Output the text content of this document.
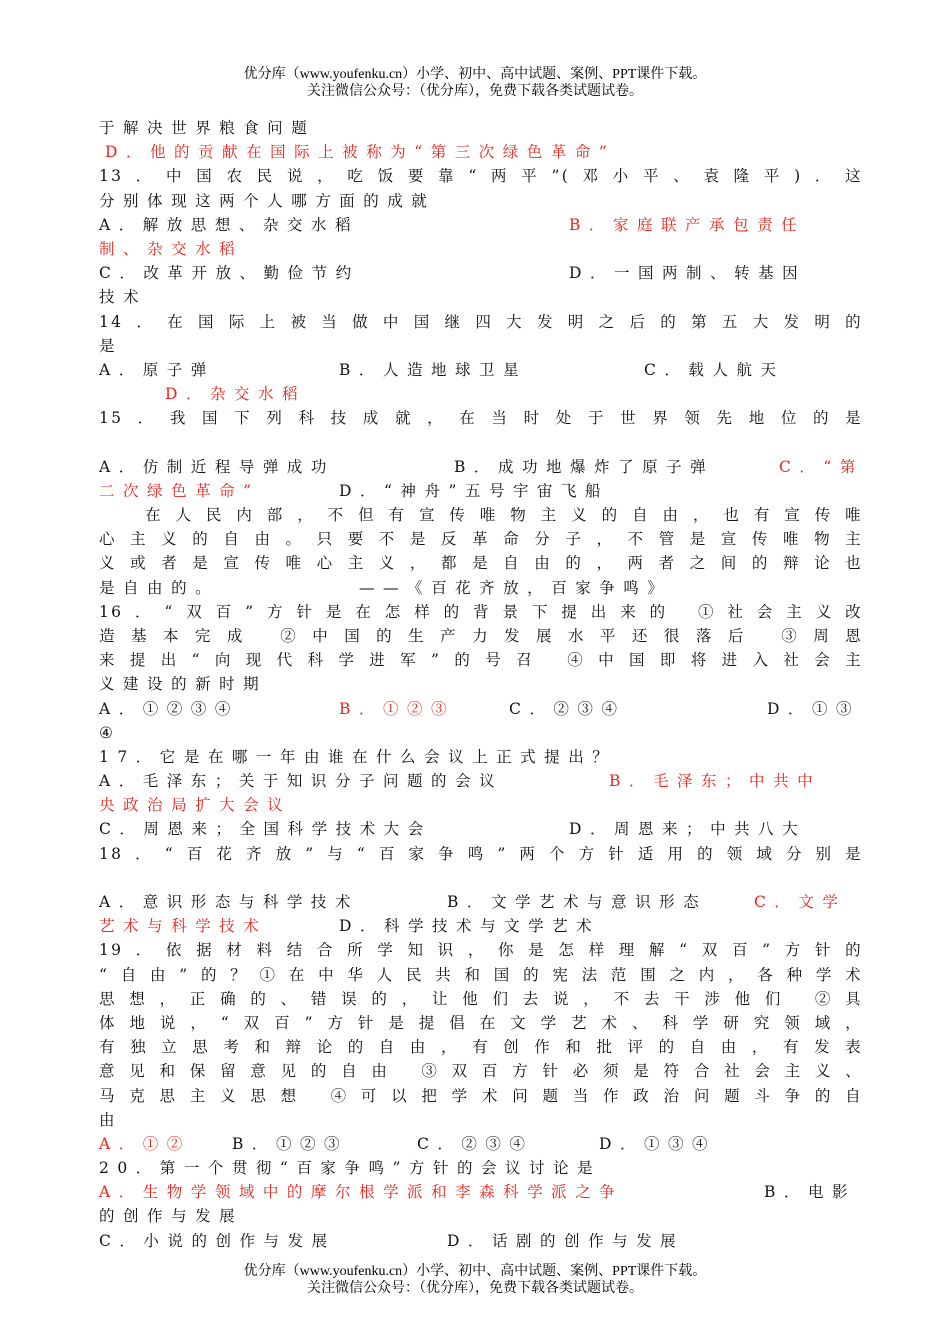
优分库（www.youfenku.cn）小学、初中、高中试题、案例、PPT课件下载。
关注微信公众号：（优分库），免费下载各类试题试卷。
于解决世界粮食问题
D．他的贡献在国际上被称为“第三次绿色革命”
13．中国农民说，吃饭要靠“两平”(邓小平、袁隆平)．这
分别体现这两个人哪方面的成就
A．解放思想、杂交水稻	B．家庭联产承包责任
制、杂交水稻
C．改革开放、勤俭节约	D．一国两制、转基因
技术
14．在国际上被当做中国继四大发明之后的第五大发明的
是
A．原子弹	B．人造地球卫星	C．载人航天
D．杂交水稻
15．我国下列科技成就，在当时处于世界领先地位的是
A．仿制近程导弹成功	B．成功地爆炸了原子弹	C．“第
二次绿色革命”	D．“神舟”五号宇宙飞船
在人民内部，不但有宣传唯物主义的自由，也有宣传唯
心主义的自由。只要不是反革命分子，不管是宣传唯物主
义或者是宣传唯心主义，都是自由的，两者之间的辩论也
是自由的。	——《百花齐放，百家争鸣》
16．“双百”方针是在怎样的背景下提出来的 ①社会主义改
造基本完成 ②中国的生产力发展水平还很落后 ③周恩
来提出“向现代科学进军”的号召 ④中国即将进入社会主
义建设的新时期
A．①②③④	B．①②③	C．②③④	D．①③
④
17．它是在哪一年由谁在什么会议上正式提出？
A．毛泽东；关于知识分子问题的会议	B．毛泽东；中共中
央政治局扩大会议
C．周恩来；全国科学技术大会	D．周恩来；中共八大
18．“百花齐放”与“百家争鸣”两个方针适用的领域分别是
A．意识形态与科学技术	B．文学艺术与意识形态	C．文学
艺术与科学技术	D．科学技术与文学艺术
19．依据材料结合所学知识，你是怎样理解“双百”方针的
“自由”的？①在中华人民共和国的宪法范围之内，各种学术
思想，正确的、错误的，让他们去说，不去干涉他们 ②具
体地说，“双百”方针是提倡在文学艺术、科学研究领域，
有独立思考和辩论的自由，有创作和批评的自由，有发表
意见和保留意见的自由 ③双百方针必须是符合社会主义、
马克思主义思想 ④可以把学术问题当作政治问题斗争的自
由
A．①②	B．①②③	C．②③④	D．①③④
20．第一个贯彻“百家争鸣”方针的会议讨论是
A．生物学领域中的摩尔根学派和李森科学派之争	B．电影
的创作与发展
C．小说的创作与发展	D．话剧的创作与发展
优分库（www.youfenku.cn）小学、初中、高中试题、案例、PPT课件下载。
关注微信公众号：（优分库），免费下载各类试题试卷。
